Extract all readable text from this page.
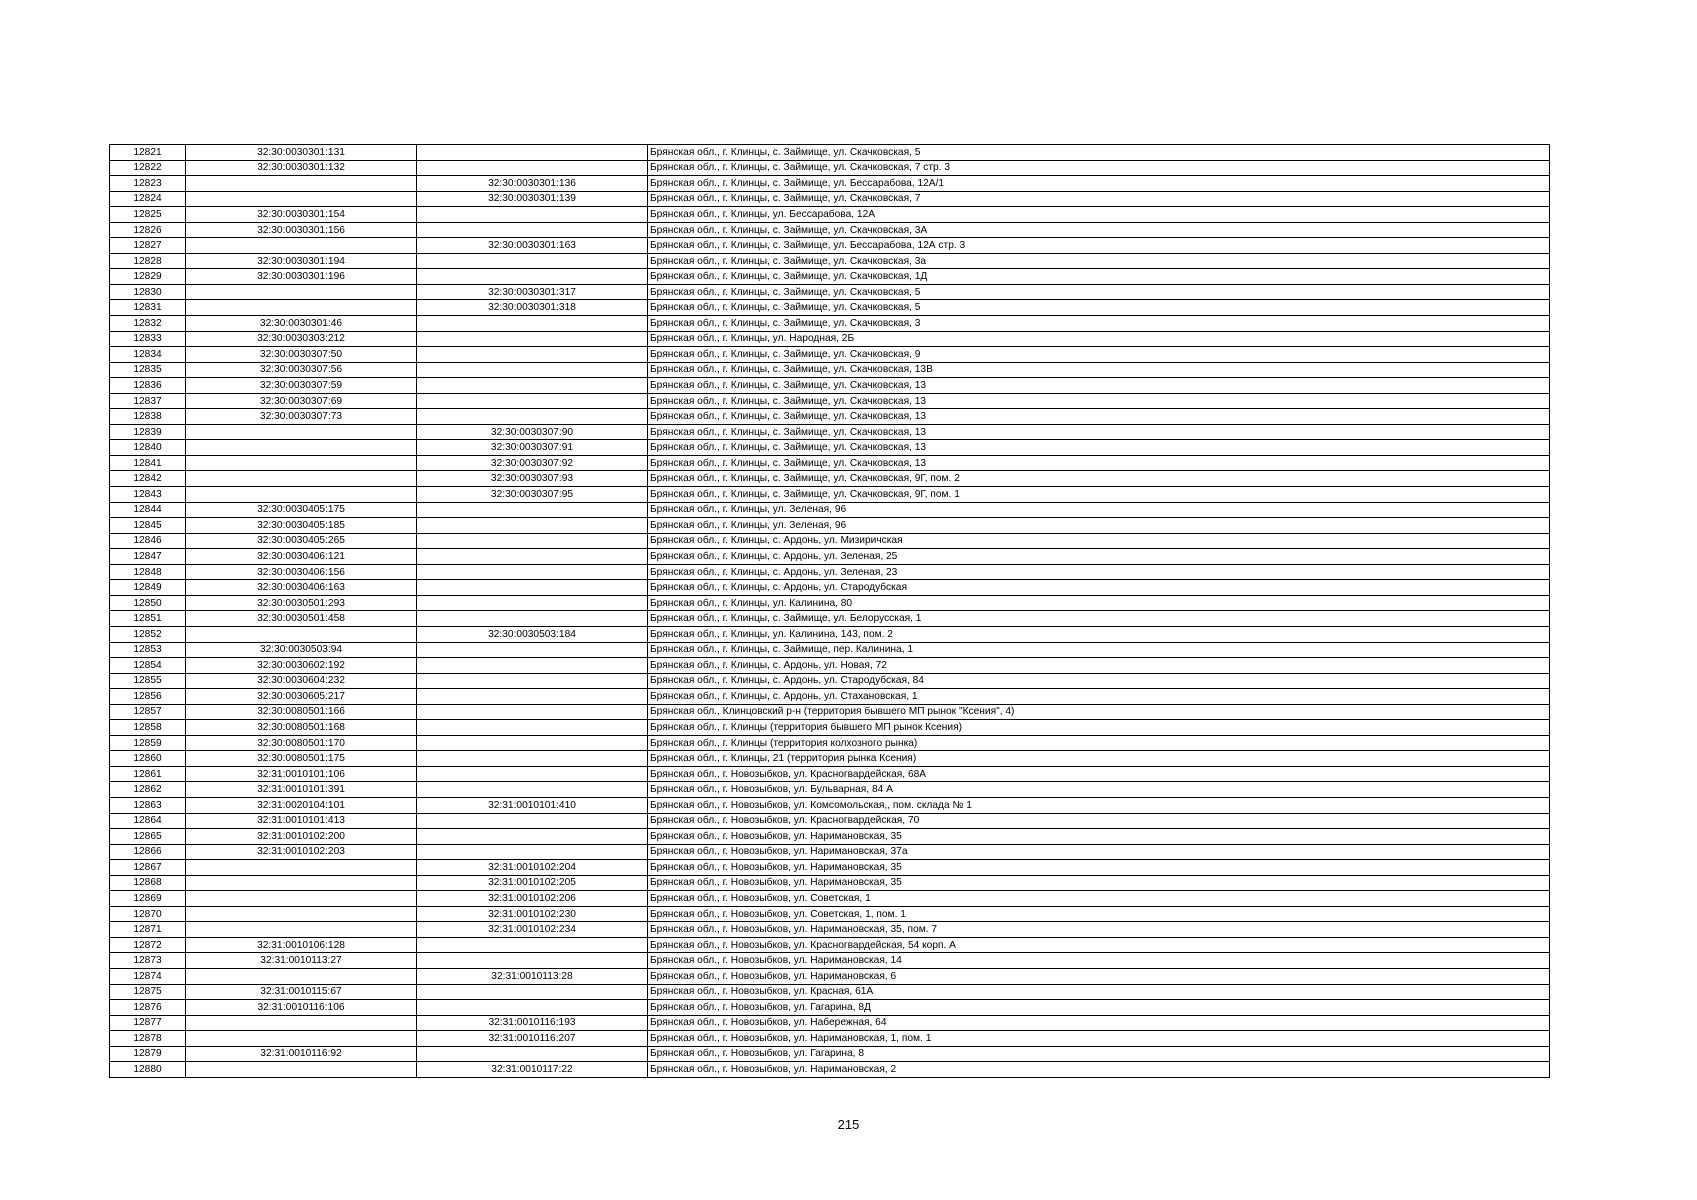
12821	32:30:0030301:131		Брянская обл., г. Клинцы, с. Займище, ул. Скачковская, 5
12822	32:30:0030301:132		Брянская обл., г. Клинцы, с. Займище, ул. Скачковская, 7 стр. 3
12823		32:30:0030301:136	Брянская обл., г. Клинцы, с. Займище, ул. Бессарабова, 12А/1
12824		32:30:0030301:139	Брянская обл., г. Клинцы, с. Займище, ул. Скачковская, 7
12825	32:30:0030301:154		Брянская обл., г. Клинцы, ул. Бессарабова, 12А
12826	32:30:0030301:156		Брянская обл., г. Клинцы, с. Займище, ул. Скачковская, 3А
12827		32:30:0030301:163	Брянская обл., г. Клинцы, с. Займище, ул. Бессарабова, 12А стр. 3
12828	32:30:0030301:194		Брянская обл., г. Клинцы, с. Займище, ул. Скачковская, 3а
12829	32:30:0030301:196		Брянская обл., г. Клинцы, с. Займище, ул. Скачковская, 1Д
12830		32:30:0030301:317	Брянская обл., г. Клинцы, с. Займище, ул. Скачковская, 5
12831		32:30:0030301:318	Брянская обл., г. Клинцы, с. Займище, ул. Скачковская, 5
12832	32:30:0030301:46		Брянская обл., г. Клинцы, с. Займище, ул. Скачковская, 3
12833	32:30:0030303:212		Брянская обл., г. Клинцы, ул. Народная, 2Б
12834	32:30:0030307:50		Брянская обл., г. Клинцы, с. Займище, ул. Скачковская, 9
12835	32:30:0030307:56		Брянская обл., г. Клинцы, с. Займище, ул. Скачковская, 13В
12836	32:30:0030307:59		Брянская обл., г. Клинцы, с. Займище, ул. Скачковская, 13
12837	32:30:0030307:69		Брянская обл., г. Клинцы, с. Займище, ул. Скачковская, 13
12838	32:30:0030307:73		Брянская обл., г. Клинцы, с. Займище, ул. Скачковская, 13
12839		32:30:0030307:90	Брянская обл., г. Клинцы, с. Займище, ул. Скачковская, 13
12840		32:30:0030307:91	Брянская обл., г. Клинцы, с. Займище, ул. Скачковская, 13
12841		32:30:0030307:92	Брянская обл., г. Клинцы, с. Займище, ул. Скачковская, 13
12842		32:30:0030307:93	Брянская обл., г. Клинцы, с. Займище, ул. Скачковская, 9Г, пом. 2
12843		32:30:0030307:95	Брянская обл., г. Клинцы, с. Займище, ул. Скачковская, 9Г, пом. 1
12844	32:30:0030405:175		Брянская обл., г. Клинцы, ул. Зеленая, 96
12845	32:30:0030405:185		Брянская обл., г. Клинцы, ул. Зеленая, 96
12846	32:30:0030405:265		Брянская обл., г. Клинцы, с. Ардонь, ул. Мизиричская
12847	32:30:0030406:121		Брянская обл., г. Клинцы, с. Ардонь, ул. Зеленая, 25
12848	32:30:0030406:156		Брянская обл., г. Клинцы, с. Ардонь, ул. Зеленая, 23
12849	32:30:0030406:163		Брянская обл., г. Клинцы, с. Ардонь, ул. Стародубская
12850	32:30:0030501:293		Брянская обл., г. Клинцы, ул. Калинина, 80
12851	32:30:0030501:458		Брянская обл., г. Клинцы, с. Займище, ул. Белорусская, 1
12852		32:30:0030503:184	Брянская обл., г. Клинцы, ул. Калинина, 143, пом. 2
12853	32:30:0030503:94		Брянская обл., г. Клинцы, с. Займище, пер. Калинина, 1
12854	32:30:0030602:192		Брянская обл., г. Клинцы, с. Ардонь, ул. Новая, 72
12855	32:30:0030604:232		Брянская обл., г. Клинцы, с. Ардонь, ул. Стародубская, 84
12856	32:30:0030605:217		Брянская обл., г. Клинцы, с. Ардонь, ул. Стахановская, 1
12857	32:30:0080501:166		Брянская обл., Клинцовский р-н (территория бывшего МП рынок "Ксения", 4)
12858	32:30:0080501:168		Брянская обл., г. Клинцы (территория бывшего МП рынок Ксения)
12859	32:30:0080501:170		Брянская обл., г. Клинцы (территория колхозного рынка)
12860	32:30:0080501:175		Брянская обл., г. Клинцы, 21 (территория рынка Ксения)
12861	32:31:0010101:106		Брянская обл., г. Новозыбков, ул. Красногвардейская, 68А
12862	32:31:0010101:391		Брянская обл., г. Новозыбков, ул. Бульварная, 84 А
12863	32:31:0020104:101	32:31:0010101:410	Брянская обл., г. Новозыбков, ул. Комсомольская,, пом. склада № 1
12864	32:31:0010101:413		Брянская обл., г. Новозыбков, ул. Красногвардейская, 70
12865	32:31:0010102:200		Брянская обл., г. Новозыбков, ул. Наримановская, 35
12866	32:31:0010102:203		Брянская обл., г. Новозыбков, ул. Наримановская, 37а
12867		32:31:0010102:204	Брянская обл., г. Новозыбков, ул. Наримановская, 35
12868		32:31:0010102:205	Брянская обл., г. Новозыбков, ул. Наримановская, 35
12869		32:31:0010102:206	Брянская обл., г. Новозыбков, ул. Советская, 1
12870		32:31:0010102:230	Брянская обл., г. Новозыбков, ул. Советская, 1, пом. 1
12871		32:31:0010102:234	Брянская обл., г. Новозыбков, ул. Наримановская, 35, пом. 7
12872	32:31:0010106:128		Брянская обл., г. Новозыбков, ул. Красногвардейская, 54 корп. А
12873	32:31:0010113:27		Брянская обл., г. Новозыбков, ул. Наримановская, 14
12874		32:31:0010113:28	Брянская обл., г. Новозыбков, ул. Наримановская, 6
12875	32:31:0010115:67		Брянская обл., г. Новозыбков, ул. Красная, 61А
12876	32:31:0010116:106		Брянская обл., г. Новозыбков, ул. Гагарина, 8Д
12877		32:31:0010116:193	Брянская обл., г. Новозыбков, ул. Набережная, 64
12878		32:31:0010116:207	Брянская обл., г. Новозыбков, ул. Наримановская, 1, пом. 1
12879	32:31:0010116:92		Брянская обл., г. Новозыбков, ул. Гагарина, 8
12880		32:31:0010117:22	Брянская обл., г. Новозыбков, ул. Наримановская, 2
215
